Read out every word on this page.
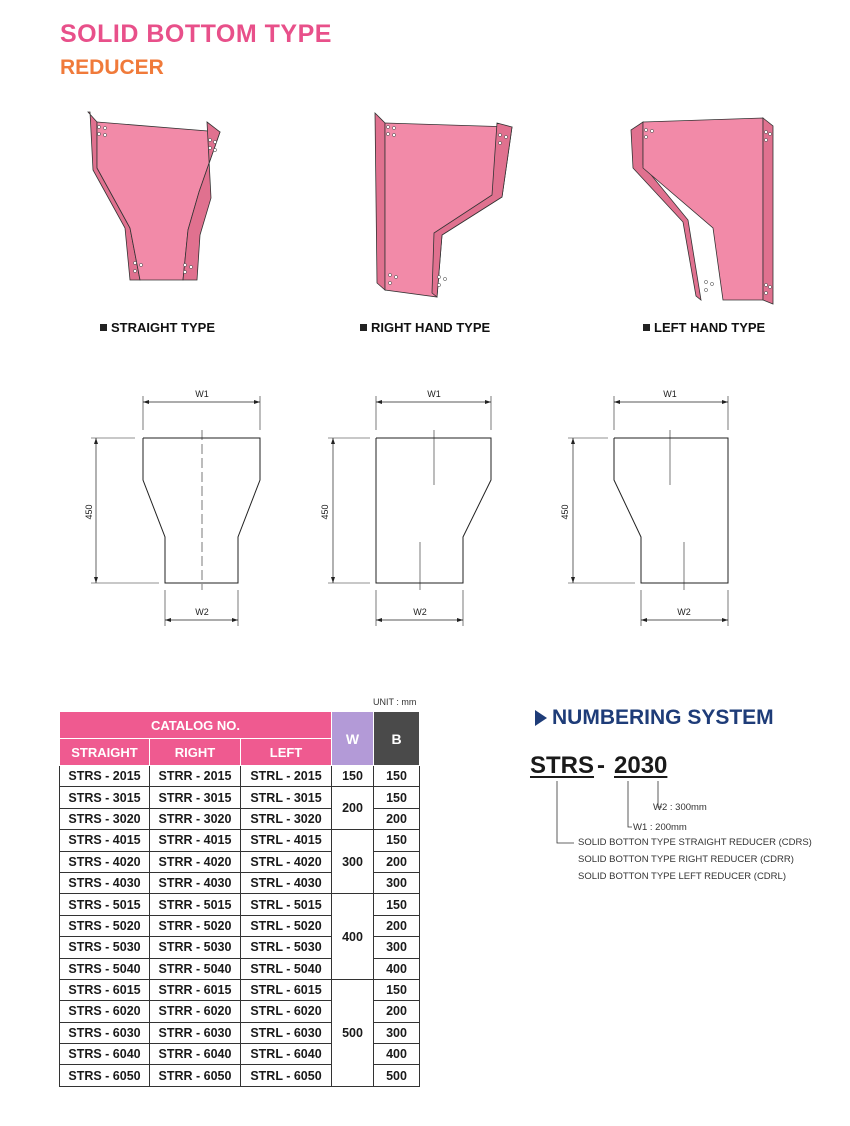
SOLID BOTTOM TYPE
REDUCER
STRAIGHT TYPE	RIGHT HAND TYPE	LEFT HAND TYPE
W1
W2
450
W1
W2
450
W1
W2
450
UNIT : mm
CATALOG NO.			W	B
STRAIGHT	RIGHT	LEFT		
STRS - 2015	STRR - 2015	STRL - 2015	150	150
STRS - 3015	STRR - 3015	STRL - 3015	200	150
STRS - 3020	STRR - 3020	STRL - 3020		200
STRS - 4015	STRR - 4015	STRL - 4015	300	150
STRS - 4020	STRR - 4020	STRL - 4020		200
STRS - 4030	STRR - 4030	STRL - 4030		300
STRS - 5015	STRR - 5015	STRL - 5015	400	150
STRS - 5020	STRR - 5020	STRL - 5020		200
STRS - 5030	STRR - 5030	STRL - 5030		300
STRS - 5040	STRR - 5040	STRL - 5040		400
STRS - 6015	STRR - 6015	STRL - 6015	500	150
STRS - 6020	STRR - 6020	STRL - 6020		200
STRS - 6030	STRR - 6030	STRL - 6030		300
STRS - 6040	STRR - 6040	STRL - 6040		400
STRS - 6050	STRR - 6050	STRL - 6050		500
NUMBERING SYSTEM
STRS - 2030
W2 : 300mm
W1 : 200mm
SOLID BOTTON TYPE STRAIGHT REDUCER (CDRS)
SOLID BOTTON TYPE RIGHT REDUCER (CDRR)
SOLID BOTTON TYPE LEFT REDUCER (CDRL)
